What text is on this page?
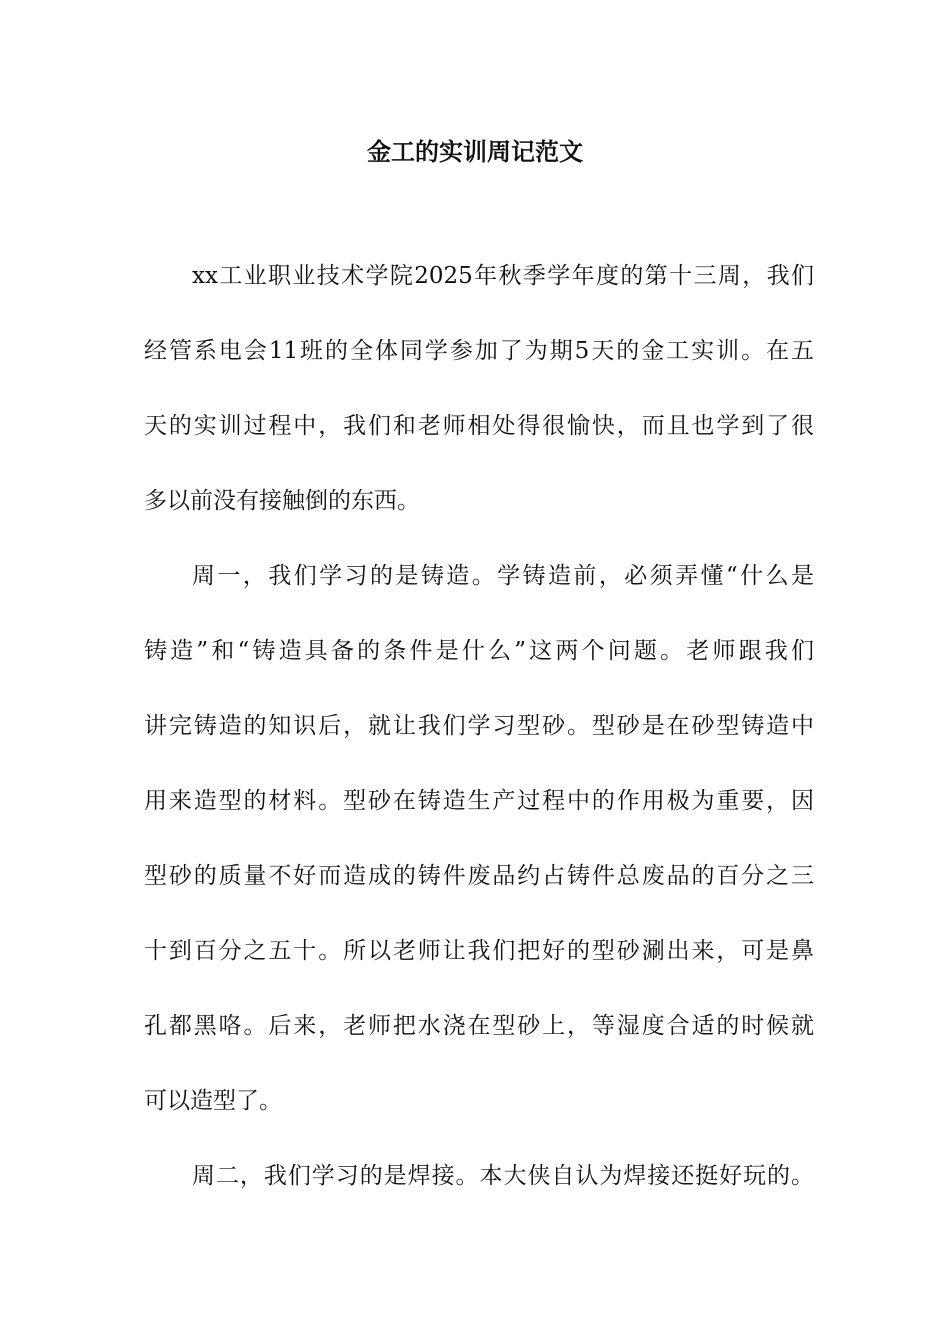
金工的实训周记范文
xx工业职业技术学院2025年秋季学年度的第十三周，我们
经管系电会11班的全体同学参加了为期5天的金工实训。在五
天的实训过程中，我们和老师相处得很愉快，而且也学到了很
多以前没有接触倒的东西。
周一，我们学习的是铸造。学铸造前，必须弄懂“什么是
铸造”和“铸造具备的条件是什么”这两个问题。老师跟我们
讲完铸造的知识后，就让我们学习型砂。型砂是在砂型铸造中
用来造型的材料。型砂在铸造生产过程中的作用极为重要，因
型砂的质量不好而造成的铸件废品约占铸件总废品的百分之三
十到百分之五十。所以老师让我们把好的型砂涮出来，可是鼻
孔都黑咯。后来，老师把水浇在型砂上，等湿度合适的时候就
可以造型了。
周二，我们学习的是焊接。本大侠自认为焊接还挺好玩的。
